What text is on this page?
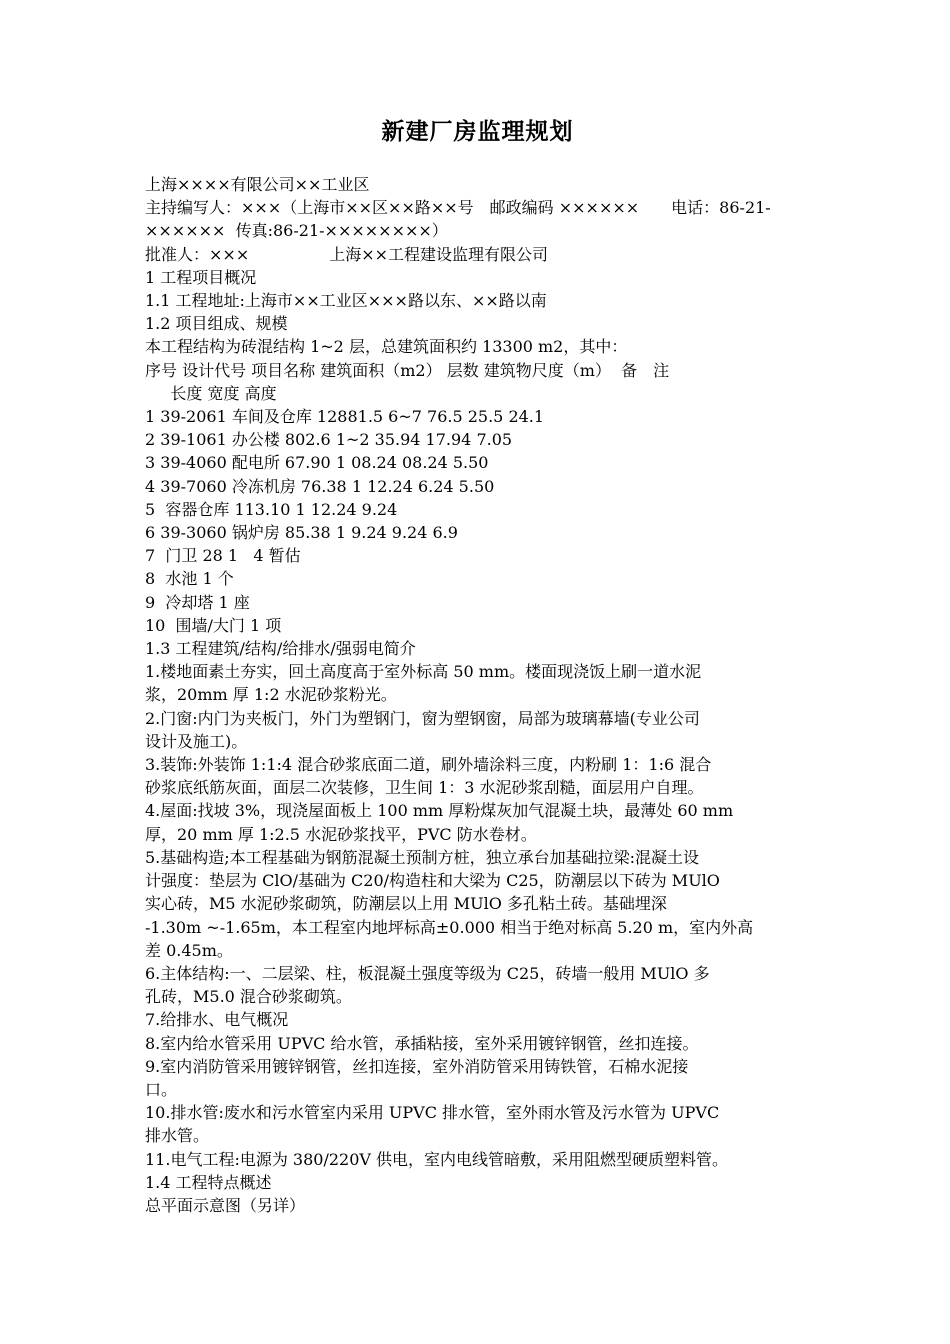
新建厂房监理规划
上海××××有限公司××工业区
主持编写人：×××（上海市××区××路××号　邮政编码 ××××××　　电话：86-21-
××××××  传真:86-21-××××××××）
批准人：×××　　　　　上海××工程建设监理有限公司
1 工程项目概况
1.1 工程地址:上海市××工业区×××路以东、××路以南
1.2 项目组成、规模
本工程结构为砖混结构 1~2 层，总建筑面积约 13300 m2，其中：
序号 设计代号 项目名称 建筑面积（m2） 层数 建筑物尺度（m）  备　注
长度 宽度 高度
1 39-2061 车间及仓库 12881.5 6~7 76.5 25.5 24.1
2 39-1061 办公楼 802.6 1~2 35.94 17.94 7.05
3 39-4060 配电所 67.90 1 08.24 08.24 5.50
4 39-7060 冷冻机房 76.38 1 12.24 6.24 5.50
5  容器仓库 113.10 1 12.24 9.24
6 39-3060 锅炉房 85.38 1 9.24 9.24 6.9
7  门卫 28 1   4 暂估
8  水池 1 个
9  冷却塔 1 座
10  围墙/大门 1 项
1.3 工程建筑/结构/给排水/强弱电简介
1.楼地面素土夯实，回土高度高于室外标高 50 mm。楼面现浇饭上刷一道水泥
浆，20mm 厚 1:2 水泥砂浆粉光。
2.门窗:内门为夹板门，外门为塑钢门，窗为塑钢窗，局部为玻璃幕墙(专业公司
设计及施工)。
3.装饰:外装饰 1:1:4 混合砂浆底面二道，刷外墙涂料三度，内粉刷 1：1:6 混合
砂浆底纸筋灰面，面层二次装修，卫生间 1：3 水泥砂浆刮糙，面层用户自理。
4.屋面:找坡 3%，现浇屋面板上 100 mm 厚粉煤灰加气混凝土块，最薄处 60 mm
厚，20 mm 厚 1:2.5 水泥砂浆找平，PVC 防水卷材。
5.基础构造;本工程基础为钢筋混凝土预制方桩，独立承台加基础拉梁:混凝土设
计强度：垫层为 ClO/基础为 C20/构造柱和大梁为 C25，防潮层以下砖为 MUlO
实心砖，M5 水泥砂浆砌筑，防潮层以上用 MUlO 多孔粘土砖。基础埋深
-1.30m ~-1.65m，本工程室内地坪标高±0.000 相当于绝对标高 5.20 m，室内外高
差 0.45m。
6.主体结构:一、二层梁、柱，板混凝土强度等级为 C25，砖墙一般用 MUlO 多
孔砖，M5.0 混合砂浆砌筑。
7.给排水、电气概况
8.室内给水管采用 UPVC 给水管，承插粘接，室外采用镀锌钢管，丝扣连接。
9.室内消防管采用镀锌钢管，丝扣连接，室外消防管采用铸铁管，石棉水泥接
口。
10.排水管:废水和污水管室内采用 UPVC 排水管，室外雨水管及污水管为 UPVC
排水管。
11.电气工程:电源为 380/220V 供电，室内电线管暗敷，采用阻燃型硬质塑料管。
1.4 工程特点概述
总平面示意图（另详）
